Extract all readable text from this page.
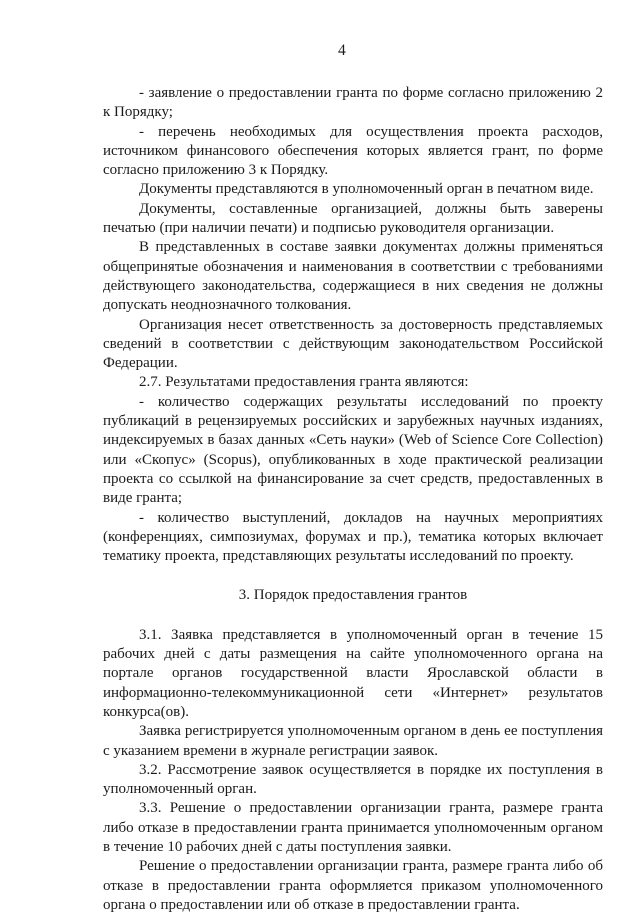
4

- заявление о предоставлении гранта по форме согласно приложению 2 к Порядку;

- перечень необходимых для осуществления проекта расходов, источником финансового обеспечения которых является грант, по форме согласно приложению 3 к Порядку.

Документы представляются в уполномоченный орган в печатном виде.

Документы, составленные организацией, должны быть заверены печатью (при наличии печати) и подписью руководителя организации.

В представленных в составе заявки документах должны применяться общепринятые обозначения и наименования в соответствии с требованиями действующего законодательства, содержащиеся в них сведения не должны допускать неоднозначного толкования.

Организация несет ответственность за достоверность представляемых сведений в соответствии с действующим законодательством Российской Федерации.

2.7. Результатами предоставления гранта являются:

- количество содержащих результаты исследований по проекту публикаций в рецензируемых российских и зарубежных научных изданиях, индексируемых в базах данных «Сеть науки» (Web of Science Core Collection) или «Скопус» (Scopus), опубликованных в ходе практической реализации проекта со ссылкой на финансирование за счет средств, предоставленных в виде гранта;

- количество выступлений, докладов на научных мероприятиях (конференциях, симпозиумах, форумах и пр.), тематика которых включает тематику проекта, представляющих результаты исследований по проекту.

3. Порядок предоставления грантов

3.1. Заявка представляется в уполномоченный орган в течение 15 рабочих дней с даты размещения на сайте уполномоченного органа на портале органов государственной власти Ярославской области в информационно-телекоммуникационной сети «Интернет» результатов конкурса(ов).

Заявка регистрируется уполномоченным органом в день ее поступления с указанием времени в журнале регистрации заявок.

3.2. Рассмотрение заявок осуществляется в порядке их поступления в уполномоченный орган.

3.3. Решение о предоставлении организации гранта, размере гранта либо отказе в предоставлении гранта принимается уполномоченным органом в течение 10 рабочих дней с даты поступления заявки.

Решение о предоставлении организации гранта, размере гранта либо об отказе в предоставлении гранта оформляется приказом уполномоченного органа о предоставлении или об отказе в предоставлении гранта.
